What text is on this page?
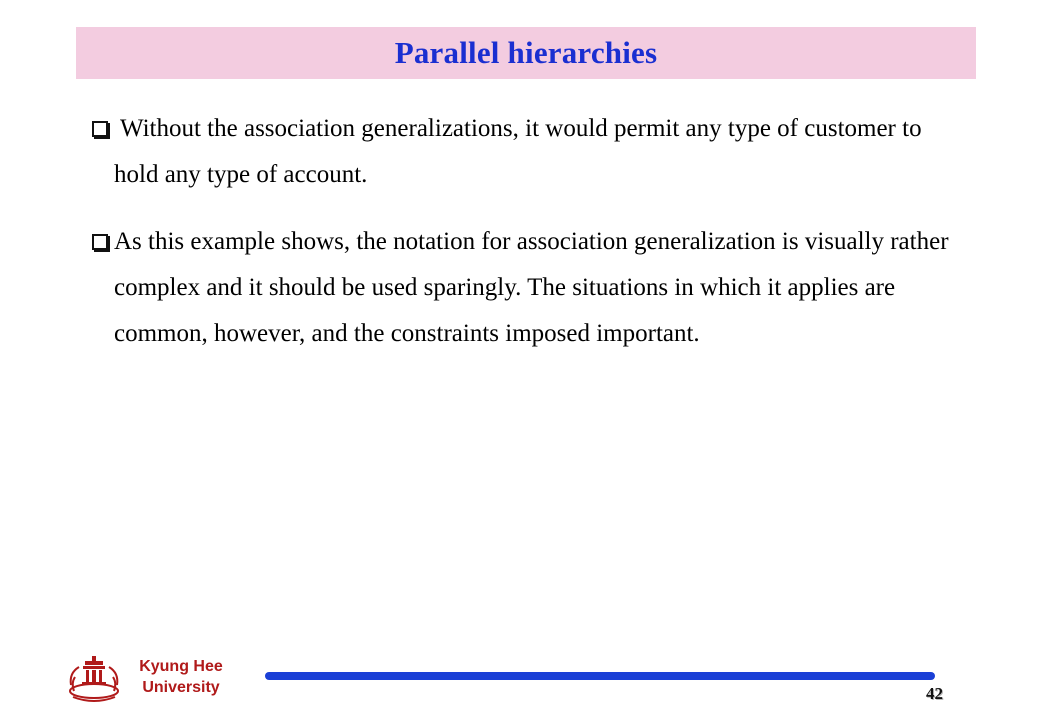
Parallel hierarchies
Without the association generalizations, it would permit any type of customer to hold any type of account.
As this example shows, the notation for association generalization is visually rather complex and it should be used sparingly. The situations in which it applies are common, however, and the constraints imposed important.
Kyung Hee University	42
